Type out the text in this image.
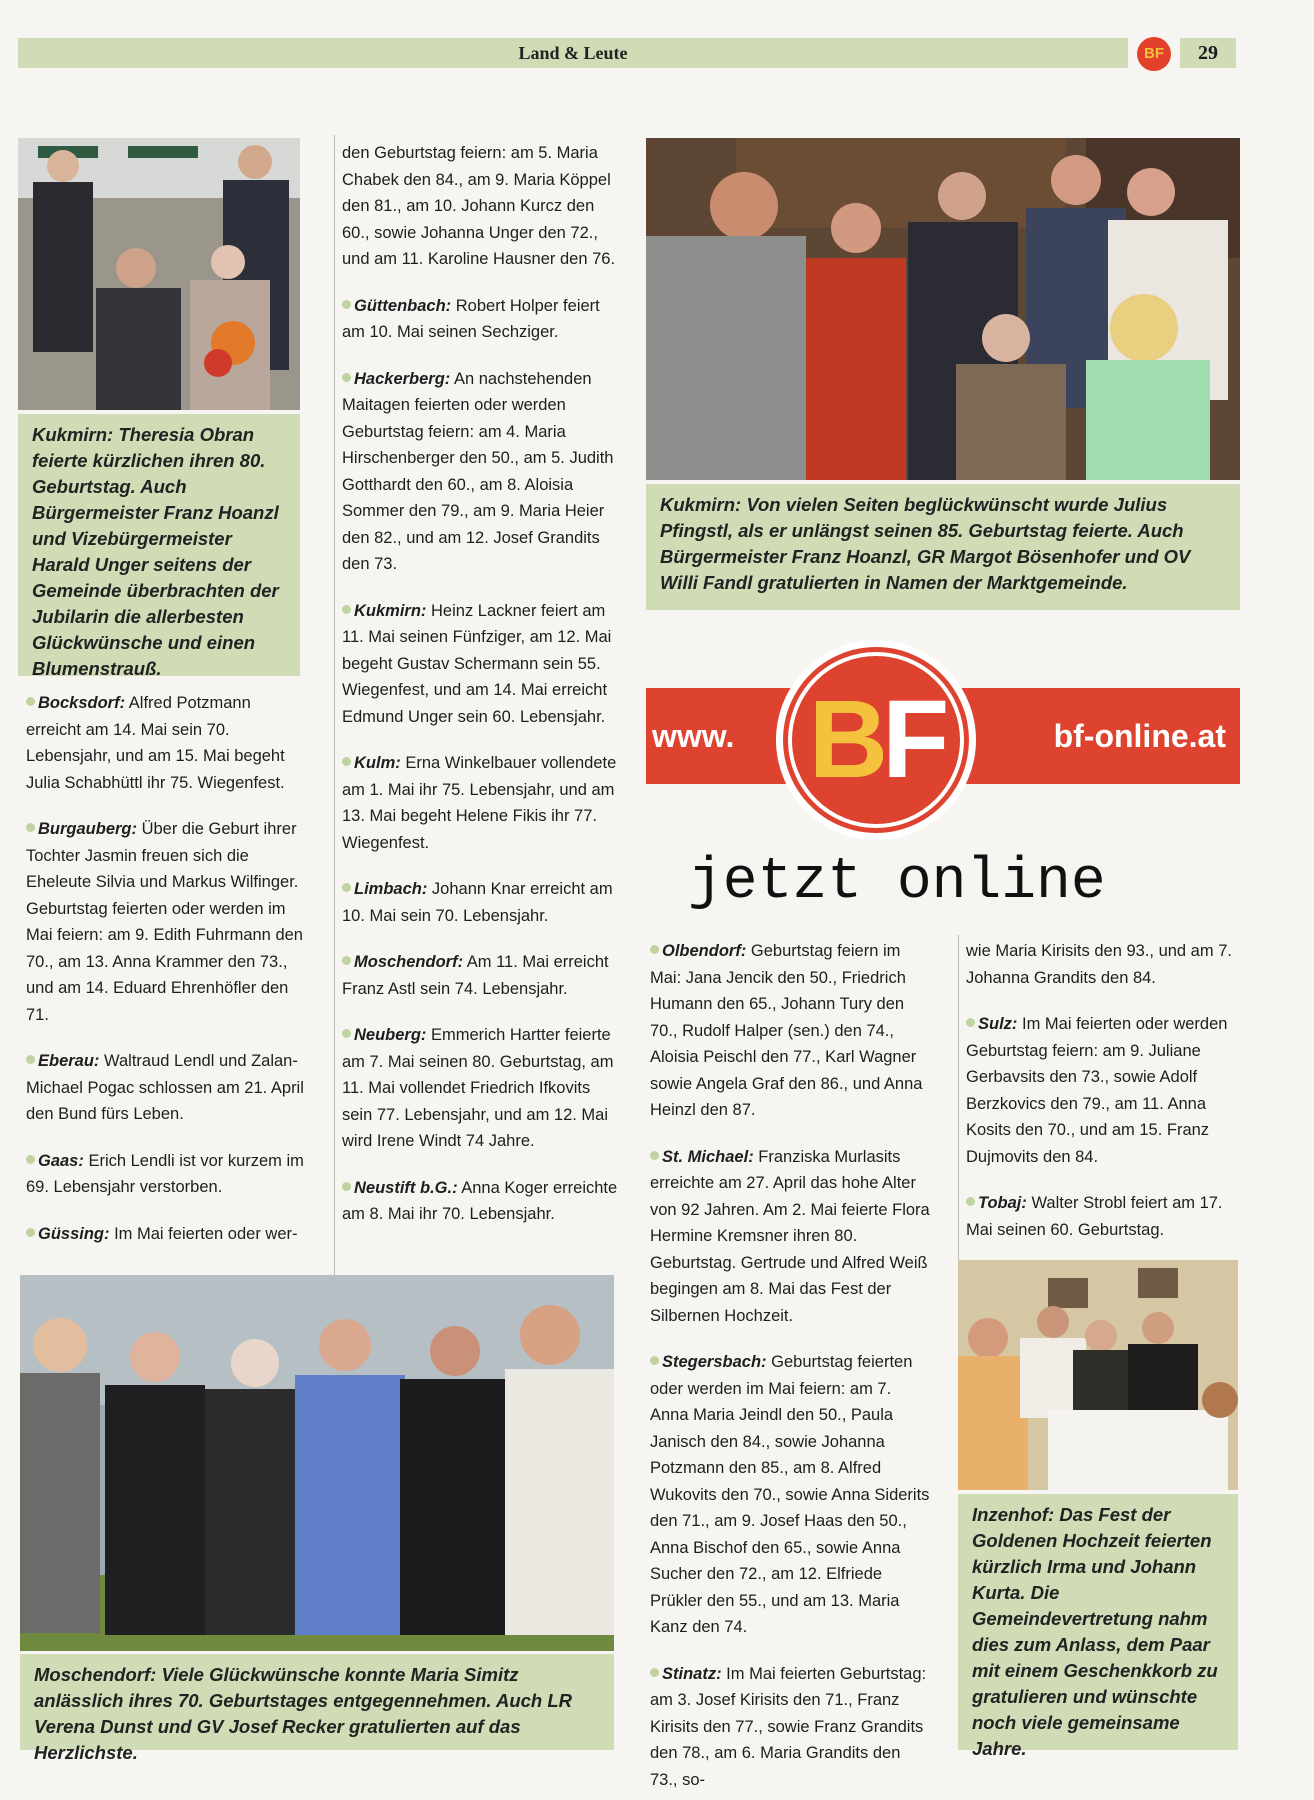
Land & Leute	BF	29
Kukmirn: Theresia Obran feierte kürzlichen ihren 80. Geburtstag. Auch Bürgermeister Franz Hoanzl und Vizebürgermeister Harald Unger seitens der Gemeinde überbrachten der Jubilarin die allerbesten Glückwünsche und einen Blumenstrauß.
Kukmirn: Von vielen Seiten beglückwünscht wurde Julius Pfingstl, als er unlängst seinen 85. Geburtstag feierte. Auch Bürgermeister Franz Hoanzl, GR Margot Bösenhofer und OV Willi Fandl gratulierten in Namen der Marktgemeinde.
www.	bf-online.at
BF
jetzt online

Bocksdorf: Alfred Potzmann erreicht am 14. Mai sein 70. Lebensjahr, und am 15. Mai begeht Julia Schabhüttl ihr 75. Wiegenfest.

Burgauberg: Über die Geburt ihrer Tochter Jasmin freuen sich die Eheleute Silvia und Markus Wilfinger. Geburtstag feierten oder werden im Mai feiern: am 9. Edith Fuhrmann den 70., am 13. Anna Krammer den 73., und am 14. Eduard Ehrenhöfler den 71.

Eberau: Waltraud Lendl und Zalan-Michael Pogac schlossen am 21. April den Bund fürs Leben.

Gaas: Erich Lendli ist vor kurzem im 69. Lebensjahr verstorben.

Güssing: Im Mai feierten oder wer-

den Geburtstag feiern: am 5. Maria Chabek den 84., am 9. Maria Köppel den 81., am 10. Johann Kurcz den 60., sowie Johanna Unger den 72., und am 11. Karoline Hausner den 76.

Güttenbach: Robert Holper feiert am 10. Mai seinen Sechziger.

Hackerberg: An nachstehenden Maitagen feierten oder werden Geburtstag feiern: am 4. Maria Hirschenberger den 50., am 5. Judith Gotthardt den 60., am 8. Aloisia Sommer den 79., am 9. Maria Heier den 82., und am 12. Josef Grandits den 73.

Kukmirn: Heinz Lackner feiert am 11. Mai seinen Fünfziger, am 12. Mai begeht Gustav Schermann sein 55. Wiegenfest, und am 14. Mai erreicht Edmund Unger sein 60. Lebensjahr.

Kulm: Erna Winkelbauer vollendete am 1. Mai ihr 75. Lebensjahr, und am 13. Mai begeht Helene Fikis ihr 77. Wiegenfest.

Limbach: Johann Knar erreicht am 10. Mai sein 70. Lebensjahr.

Moschendorf: Am 11. Mai erreicht Franz Astl sein 74. Lebensjahr.

Neuberg: Emmerich Hartter feierte am 7. Mai seinen 80. Geburtstag, am 11. Mai vollendet Friedrich Ifkovits sein 77. Lebensjahr, und am 12. Mai wird Irene Windt 74 Jahre.

Neustift b.G.: Anna Koger erreichte am 8. Mai ihr 70. Lebensjahr.

Olbendorf: Geburtstag feiern im Mai: Jana Jencik den 50., Friedrich Humann den 65., Johann Tury den 70., Rudolf Halper (sen.) den 74., Aloisia Peischl den 77., Karl Wagner sowie Angela Graf den 86., und Anna Heinzl den 87.

St. Michael: Franziska Murlasits erreichte am 27. April das hohe Alter von 92 Jahren. Am 2. Mai feierte Flora Hermine Kremsner ihren 80. Geburtstag. Gertrude und Alfred Weiß begingen am 8. Mai das Fest der Silbernen Hochzeit.

Stegersbach: Geburtstag feierten oder werden im Mai feiern: am 7. Anna Maria Jeindl den 50., Paula Janisch den 84., sowie Johanna Potzmann den 85., am 8. Alfred Wukovits den 70., sowie Anna Siderits den 71., am 9. Josef Haas den 50., Anna Bischof den 65., sowie Anna Sucher den 72., am 12. Elfriede Prükler den 55., und am 13. Maria Kanz den 74.

Stinatz: Im Mai feierten Geburtstag: am 3. Josef Kirisits den 71., Franz Kirisits den 77., sowie Franz Grandits den 78., am 6. Maria Grandits den 73., so-

wie Maria Kirisits den 93., und am 7. Johanna Grandits den 84.

Sulz: Im Mai feierten oder werden Geburtstag feiern: am 9. Juliane Gerbavsits den 73., sowie Adolf Berzkovics den 79., am 11. Anna Kosits den 70., und am 15. Franz Dujmovits den 84.

Tobaj: Walter Strobl feiert am 17. Mai seinen 60. Geburtstag.

Moschendorf: Viele Glückwünsche konnte Maria Simitz anlässlich ihres 70. Geburtstages entgegennehmen. Auch LR Verena Dunst und GV Josef Recker gratulierten auf das Herzlichste.
Inzenhof: Das Fest der Goldenen Hochzeit feierten kürzlich Irma und Johann Kurta. Die Gemeindevertretung nahm dies zum Anlass, dem Paar mit einem Geschenkkorb zu gratulieren und wünschte noch viele gemeinsame Jahre.
